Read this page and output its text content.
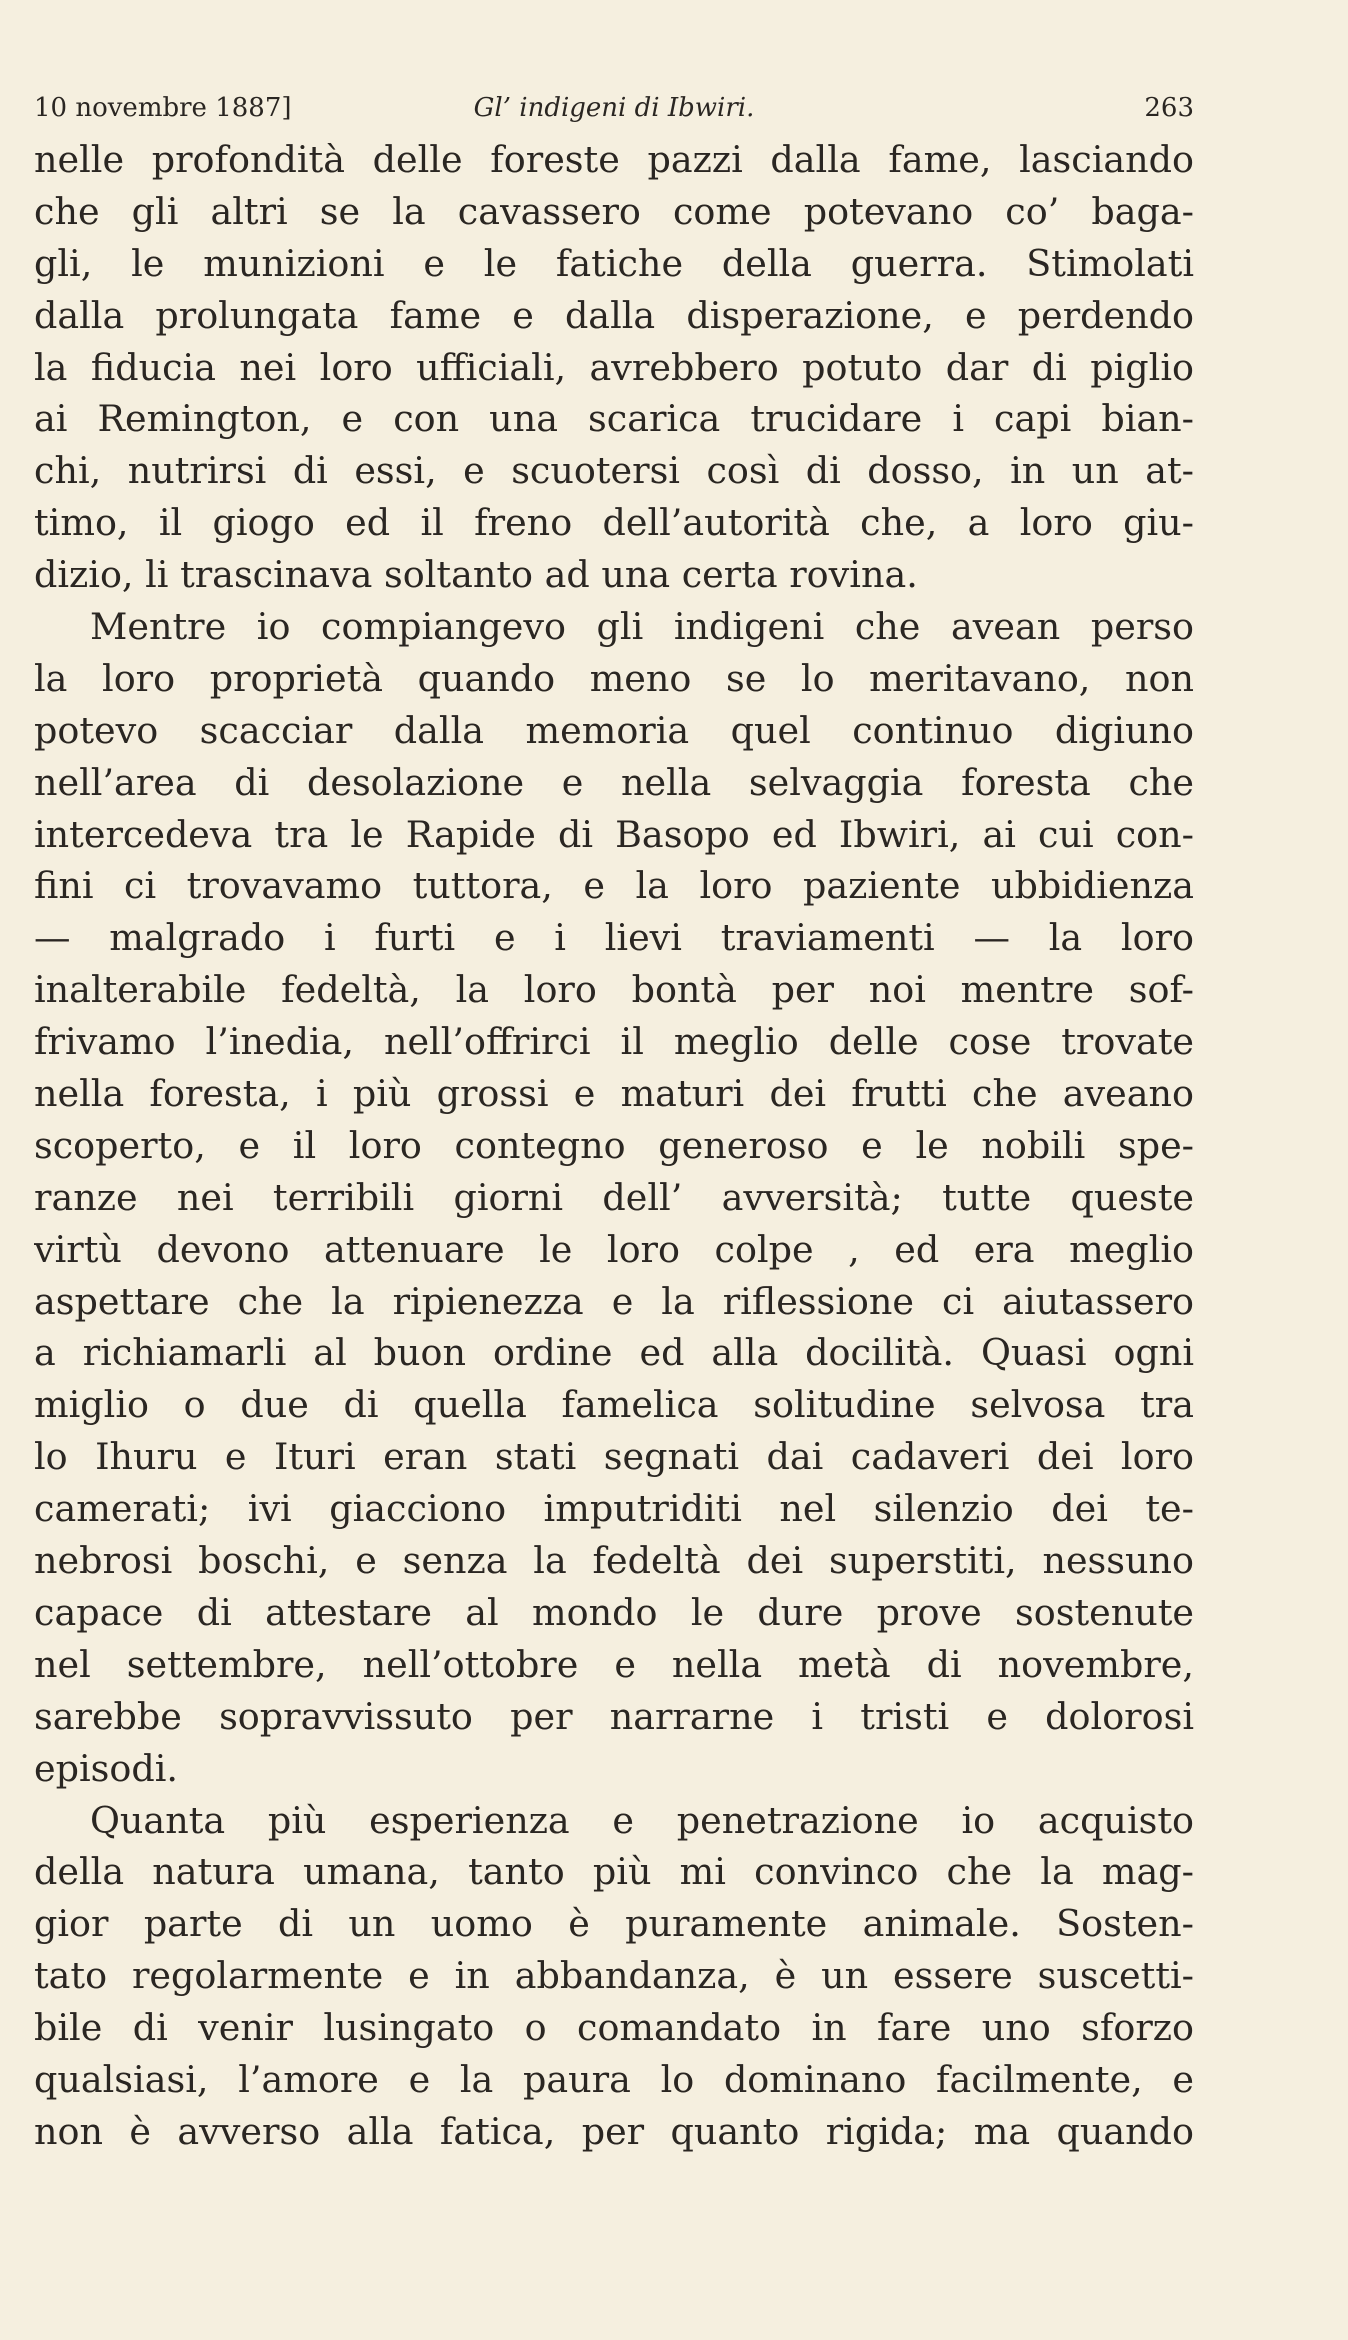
10 novembre 1887]	Gl’ indigeni di Ibwiri.	263
nelle profondità delle foreste pazzi dalla fame, lasciando
che gli altri se la cavassero come potevano co’ baga-
gli, le munizioni e le fatiche della guerra. Stimolati
dalla prolungata fame e dalla disperazione, e perdendo
la fiducia nei loro ufficiali, avrebbero potuto dar di piglio
ai Remington, e con una scarica trucidare i capi bian-
chi, nutrirsi di essi, e scuotersi così di dosso, in un at-
timo, il giogo ed il freno dell’autorità che, a loro giu-
dizio, li trascinava soltanto ad una certa rovina.
Mentre io compiangevo gli indigeni che avean perso
la loro proprietà quando meno se lo meritavano, non
potevo scacciar dalla memoria quel continuo digiuno
nell’area di desolazione e nella selvaggia foresta che
intercedeva tra le Rapide di Basopo ed Ibwiri, ai cui con-
fini ci trovavamo tuttora, e la loro paziente ubbidienza
— malgrado i furti e i lievi traviamenti — la loro
inalterabile fedeltà, la loro bontà per noi mentre sof-
frivamo l’inedia, nell’offrirci il meglio delle cose trovate
nella foresta, i più grossi e maturi dei frutti che aveano
scoperto, e il loro contegno generoso e le nobili spe-
ranze nei terribili giorni dell’ avversità; tutte queste
virtù devono attenuare le loro colpe , ed era meglio
aspettare che la ripienezza e la riflessione ci aiutassero
a richiamarli al buon ordine ed alla docilità. Quasi ogni
miglio o due di quella famelica solitudine selvosa tra
lo Ihuru e Ituri eran stati segnati dai cadaveri dei loro
camerati; ivi giacciono imputriditi nel silenzio dei te-
nebrosi boschi, e senza la fedeltà dei superstiti, nessuno
capace di attestare al mondo le dure prove sostenute
nel settembre, nell’ottobre e nella metà di novembre,
sarebbe sopravvissuto per narrarne i tristi e dolorosi
episodi.
Quanta più esperienza e penetrazione io acquisto
della natura umana, tanto più mi convinco che la mag-
gior parte di un uomo è puramente animale. Sosten-
tato regolarmente e in abbandanza, è un essere suscetti-
bile di venir lusingato o comandato in fare uno sforzo
qualsiasi, l’amore e la paura lo dominano facilmente, e
non è avverso alla fatica, per quanto rigida; ma quando
